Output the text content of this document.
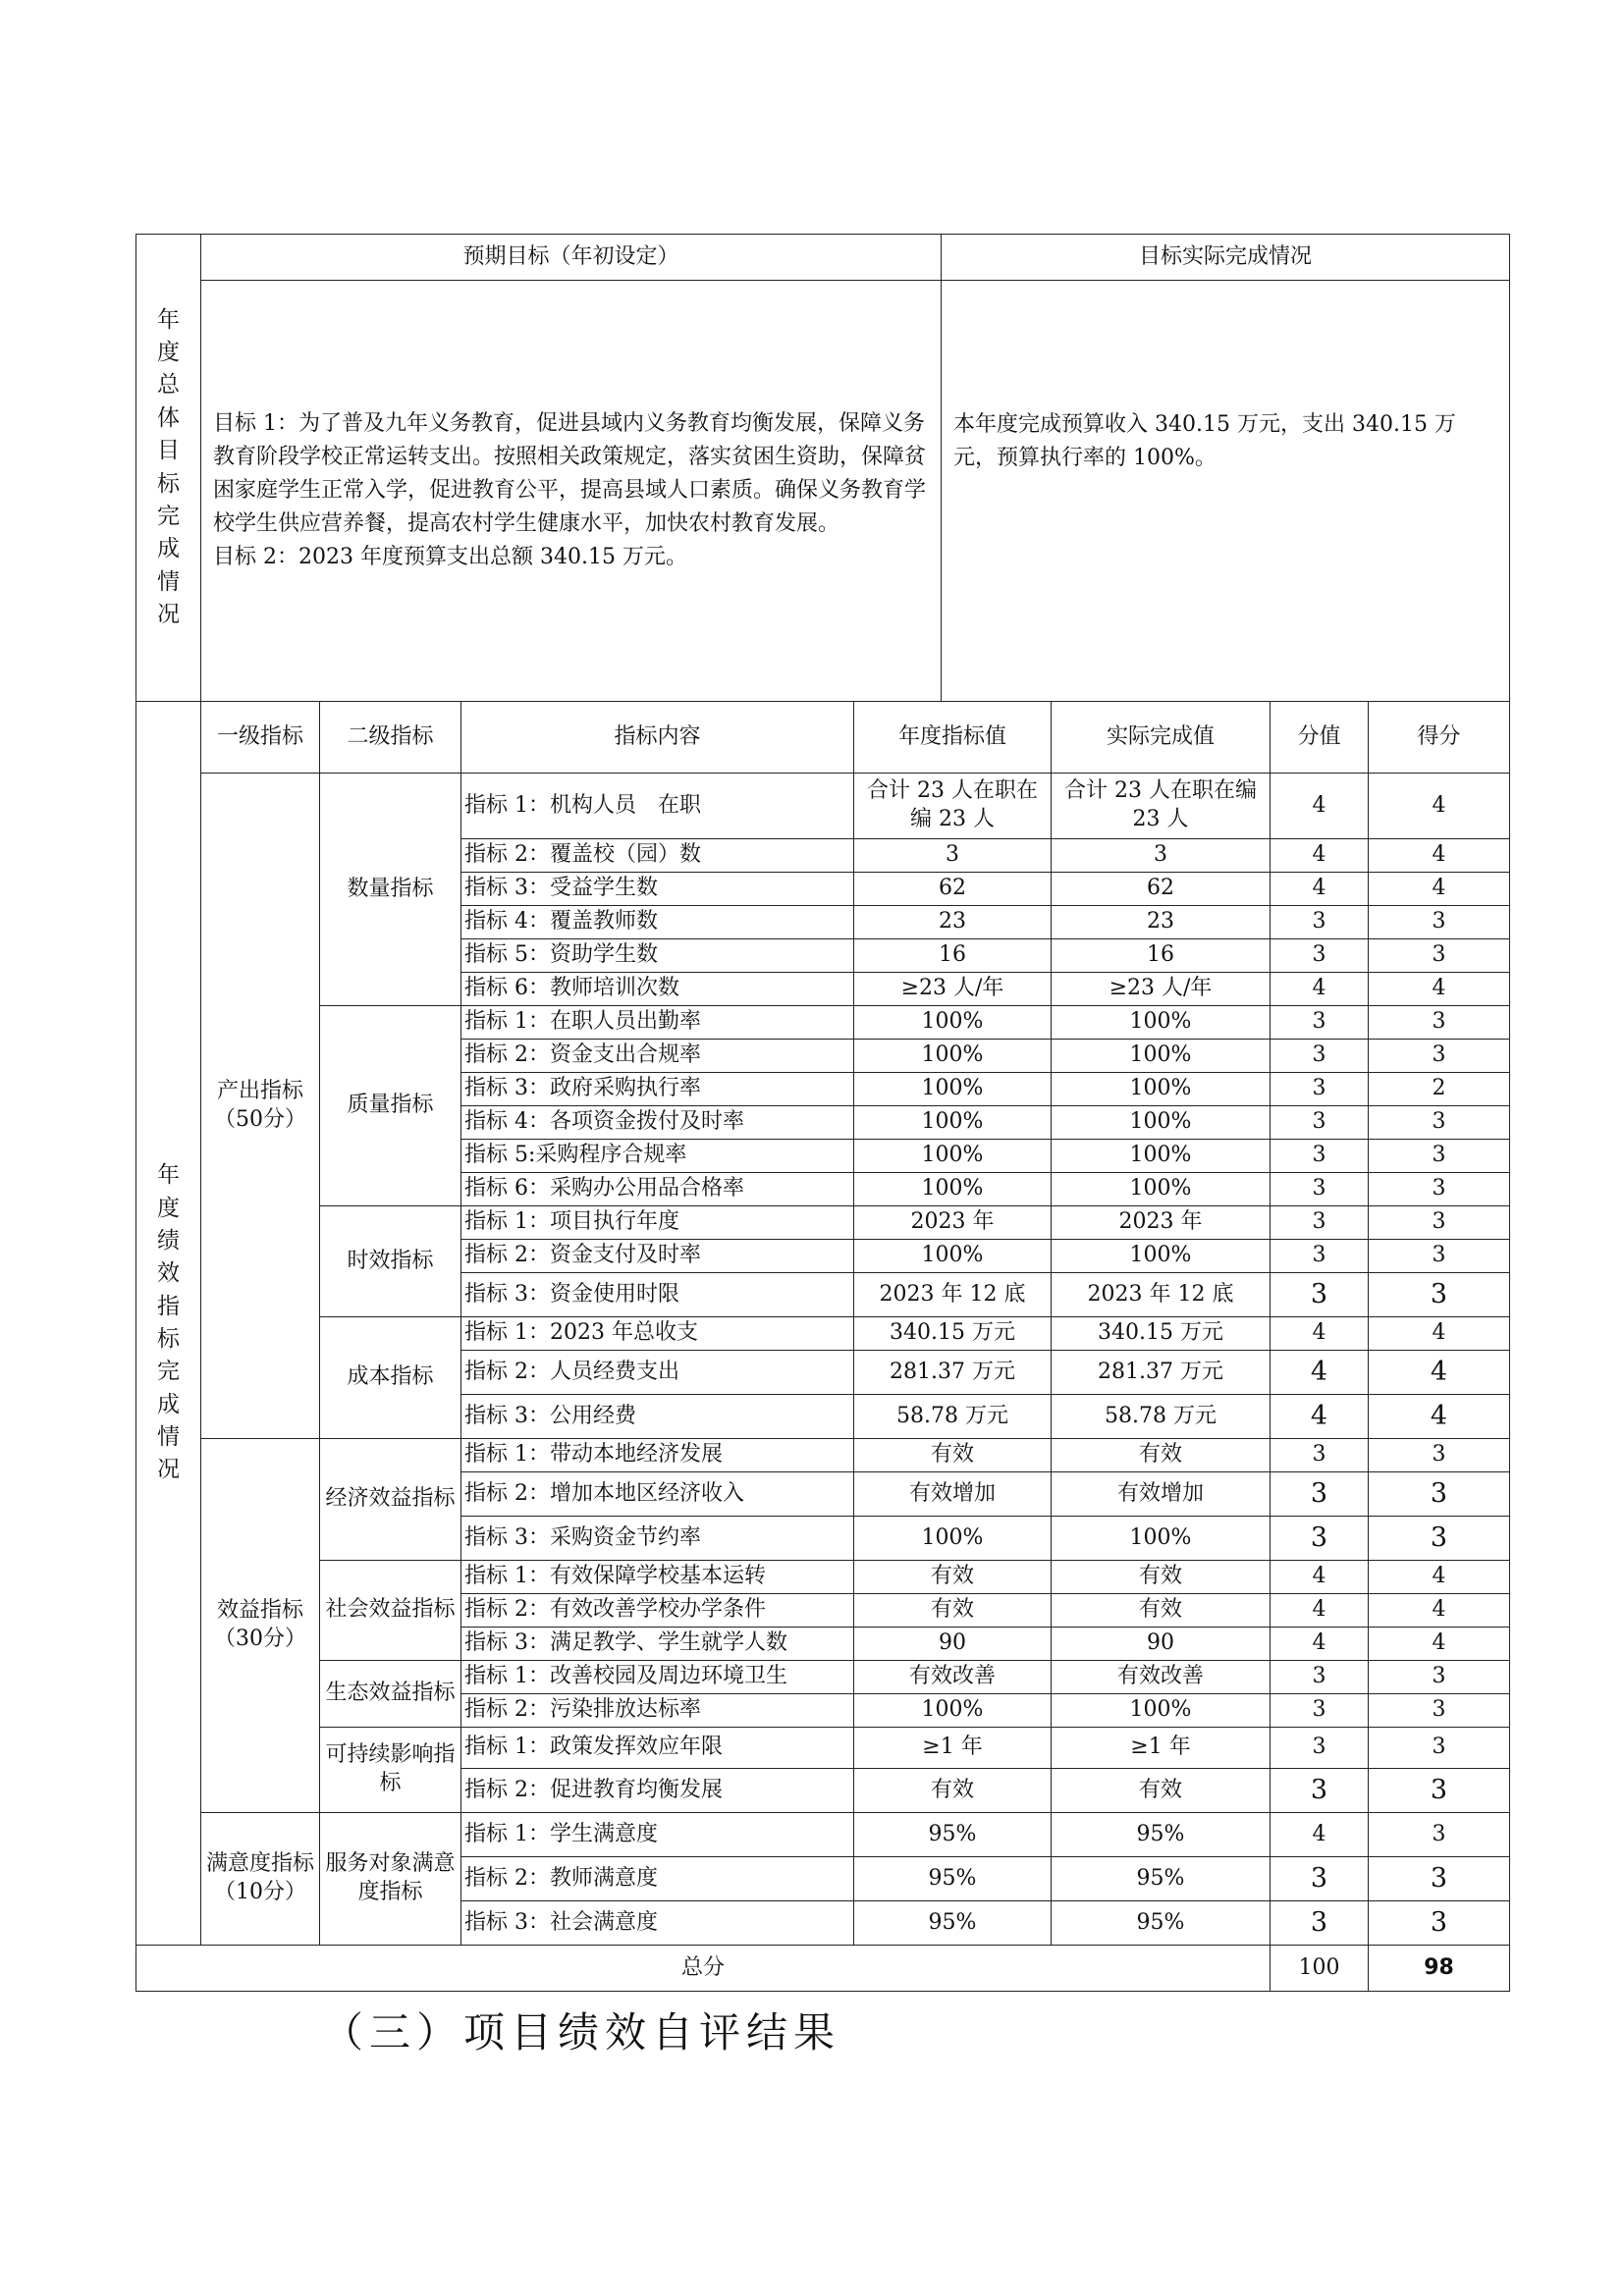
年度总体目标完成情况	预期目标（年初设定）	目标实际完成情况

	目标 1：为了普及九年义务教育，促进县域内义务教育均衡发展，保障义务教育阶段学校正常运转支出。按照相关政策规定，落实贫困生资助，保障贫困家庭学生正常入学，促进教育公平，提高县域人口素质。确保义务教育学校学生供应营养餐，提高农村学生健康水平，加快农村教育发展。
目标 2：2023 年度预算支出总额 340.15 万元。	本年度完成预算收入 340.15 万元，支出 340.15 万元，预算执行率的 100%。
年度绩效指标完成情况	一级指标	二级指标	指标内容	年度指标值	实际完成值	分值	得分
	产出指标（50分）	数量指标	指标 1：机构人员　在职	合计 23 人在职在编 23 人	合计 23 人在职在编 23 人	4	4
			指标 2：覆盖校（园）数	3	3	4	4
			指标 3：受益学生数	62	62	4	4
			指标 4：覆盖教师数	23	23	3	3
			指标 5：资助学生数	16	16	3	3
			指标 6：教师培训次数	≥23 人/年	≥23 人/年	4	4
		质量指标	指标 1：在职人员出勤率	100%	100%	3	3
			指标 2：资金支出合规率	100%	100%	3	3
			指标 3：政府采购执行率	100%	100%	3	2
			指标 4：各项资金拨付及时率	100%	100%	3	3
			指标 5:采购程序合规率	100%	100%	3	3
			指标 6：采购办公用品合格率	100%	100%	3	3
		时效指标	指标 1：项目执行年度	2023 年	2023 年	3	3
			指标 2：资金支付及时率	100%	100%	3	3
			指标 3：资金使用时限	2023 年 12 底	2023 年 12 底	3	3
		成本指标	指标 1：2023 年总收支	340.15 万元	340.15 万元	4	4
			指标 2：人员经费支出	281.37 万元	281.37 万元	4	4
			指标 3：公用经费	58.78 万元	58.78 万元	4	4
	效益指标（30分）	经济效益指标	指标 1：带动本地经济发展	有效	有效	3	3
			指标 2：增加本地区经济收入	有效增加	有效增加	3	3
			指标 3：采购资金节约率	100%	100%	3	3
		社会效益指标	指标 1：有效保障学校基本运转	有效	有效	4	4
			指标 2：有效改善学校办学条件	有效	有效	4	4
			指标 3：满足教学、学生就学人数	90	90	4	4
		生态效益指标	指标 1：改善校园及周边环境卫生	有效改善	有效改善	3	3
			指标 2：污染排放达标率	100%	100%	3	3
		可持续影响指标	指标 1：政策发挥效应年限	≥1 年	≥1 年	3	3
			指标 2：促进教育均衡发展	有效	有效	3	3
	满意度指标（10分）	服务对象满意度指标	指标 1：学生满意度	95%	95%	4	3
			指标 2：教师满意度	95%	95%	3	3
			指标 3：社会满意度	95%	95%	3	3
总分						100	98
（三）项目绩效自评结果
